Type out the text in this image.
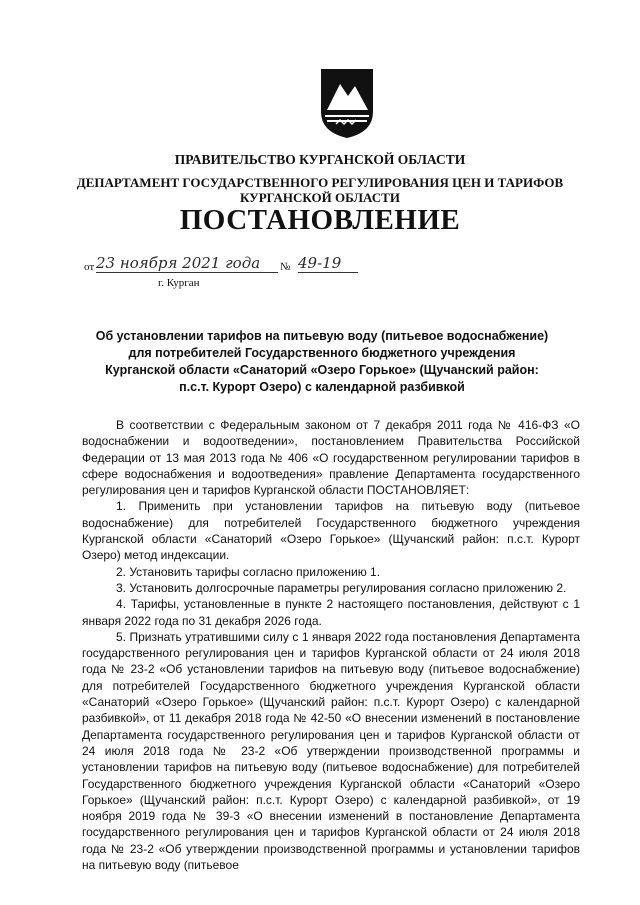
ПРАВИТЕЛЬСТВО КУРГАНСКОЙ ОБЛАСТИ
ДЕПАРТАМЕНТ ГОСУДАРСТВЕННОГО РЕГУЛИРОВАНИЯ ЦЕН И ТАРИФОВ
КУРГАНСКОЙ ОБЛАСТИ
ПОСТАНОВЛЕНИЕ
от 23 ноября 2021 года	№ 49-19
г. Курган
Об установлении тарифов на питьевую воду (питьевое водоснабжение) для потребителей Государственного бюджетного учреждения Курганской области «Санаторий «Озеро Горькое» (Щучанский район: п.с.т. Курорт Озеро) с календарной разбивкой

В соответствии с Федеральным законом от 7 декабря 2011 года № 416-ФЗ «О водоснабжении и водоотведении», постановлением Правительства Российской Федерации от 13 мая 2013 года № 406 «О государственном регулировании тарифов в сфере водоснабжения и водоотведения» правление Департамента государственного регулирования цен и тарифов Курганской области ПОСТАНОВЛЯЕТ:

1. Применить при установлении тарифов на питьевую воду (питьевое водоснабжение) для потребителей Государственного бюджетного учреждения Курганской области «Санаторий «Озеро Горькое» (Щучанский район: п.с.т. Курорт Озеро) метод индексации.

2. Установить тарифы согласно приложению 1.

3. Установить долгосрочные параметры регулирования согласно приложению 2.

4. Тарифы, установленные в пункте 2 настоящего постановления, действуют с 1 января 2022 года по 31 декабря 2026 года.

5. Признать утратившими силу с 1 января 2022 года постановления Департамента государственного регулирования цен и тарифов Курганской области от 24 июля 2018 года № 23-2 «Об установлении тарифов на питьевую воду (питьевое водоснабжение) для потребителей Государственного бюджетного учреждения Курганской области «Санаторий «Озеро Горькое» (Щучанский район: п.с.т. Курорт Озеро) с календарной разбивкой», от 11 декабря 2018 года № 42-50 «О внесении изменений в постановление Департамента государственного регулирования цен и тарифов Курганской области от 24 июля 2018 года № 23-2 «Об утверждении производственной программы и установлении тарифов на питьевую воду (питьевое водоснабжение) для потребителей Государственного бюджетного учреждения Курганской области «Санаторий «Озеро Горькое» (Щучанский район: п.с.т. Курорт Озеро) с календарной разбивкой», от 19 ноября 2019 года № 39-3 «О внесении изменений в постановление Департамента государственного регулирования цен и тарифов Курганской области от 24 июля 2018 года № 23-2 «Об утверждении производственной программы и установлении тарифов на питьевую воду (питьевое
